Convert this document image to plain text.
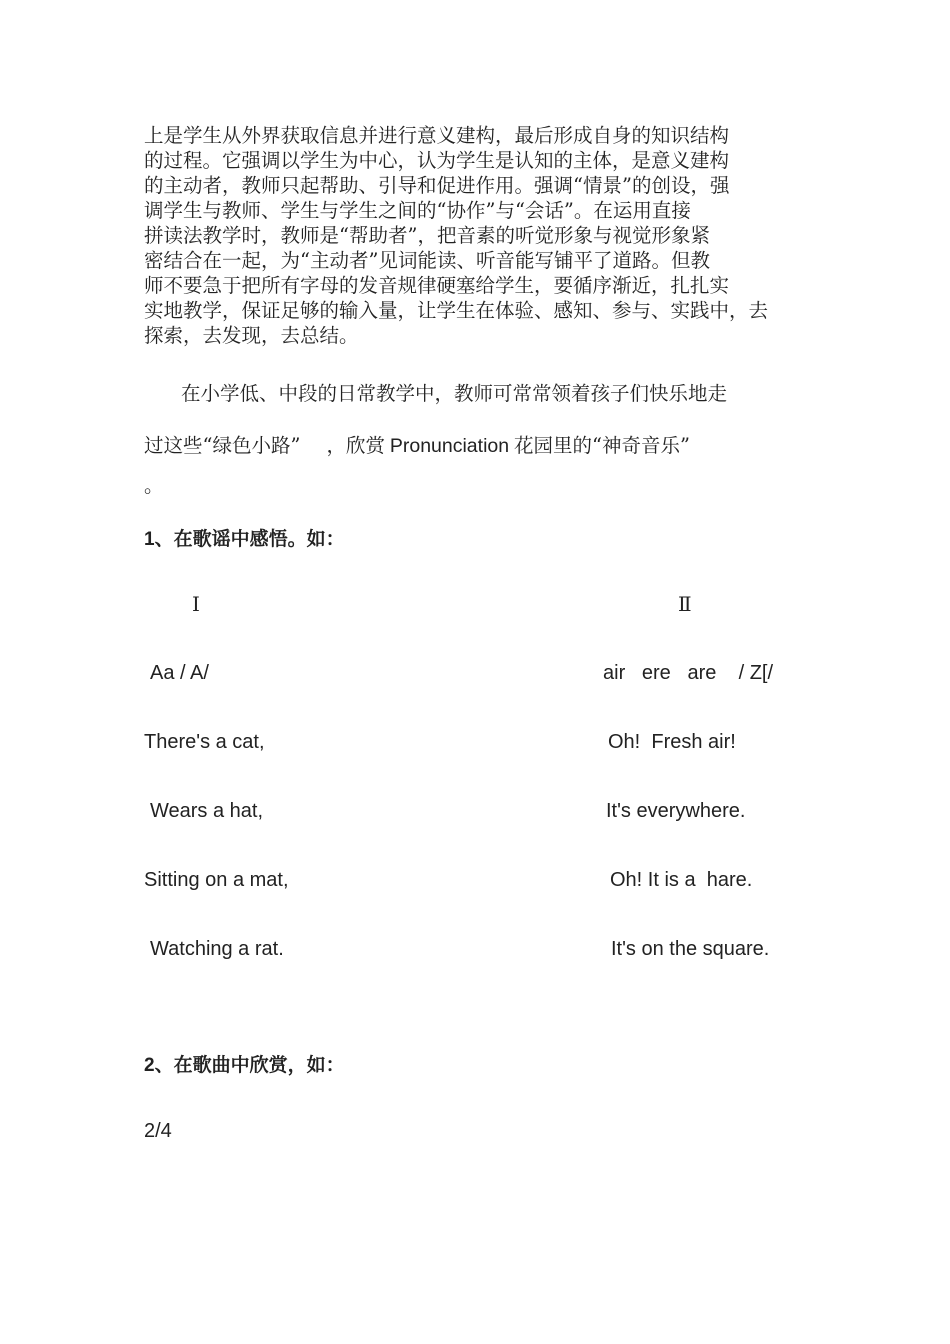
上是学生从外界获取信息并进行意义建构，最后形成自身的知识结构
的过程。它强调以学生为中心，认为学生是认知的主体，是意义建构
的主动者，教师只起帮助、引导和促进作用。强调“情景”的创设，强
调学生与教师、学生与学生之间的“协作”与“会话”。在运用直接
拼读法教学时，教师是“帮助者”，把音素的听觉形象与视觉形象紧
密结合在一起，为“主动者”见词能读、听音能写铺平了道路。但教
师不要急于把所有字母的发音规律硬塞给学生，要循序渐近，扎扎实
实地教学，保证足够的输入量，让学生在体验、感知、参与、实践中，去
探索，去发现，去总结。
在小学低、中段的日常教学中，教师可常常领着孩子们快乐地走
过这些“绿色小路” ，欣赏 Pronunciation 花园里的“神奇音乐”
。
1、在歌谣中感悟。如：
Ⅰ	Ⅱ
Aa / A/	air   ere   are    / Z[/
There's a cat,
Wears a hat,
Sitting on a mat,
Watching a rat.
Oh!  Fresh air!
It's everywhere.
Oh! It is a  hare.
It's on the square.
2、在歌曲中欣赏，如：
2/4
